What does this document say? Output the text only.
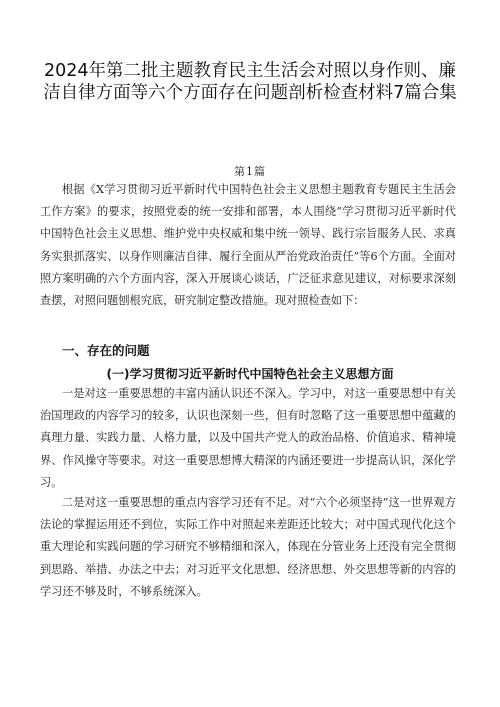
2024年第二批主题教育民主生活会对照以身作则、廉洁自律方面等六个方面存在问题剖析检查材料7篇合集
第1篇

根据《X学习贯彻习近平新时代中国特色社会主义思想主题教育专题民主生活会工作方案》的要求，按照党委的统一安排和部署，本人围绕“学习贯彻习近平新时代中国特色社会主义思想、维护党中央权威和集中统一领导、践行宗旨服务人民、求真务实狠抓落实、以身作则廉洁自律、履行全面从严治党政治责任”等6个方面。全面对照方案明确的六个方面内容，深入开展谈心谈话，广泛征求意见建议，对标要求深刻查摆，对照问题刨根究底，研究制定整改措施。现对照检查如下：

一、存在的问题
(一)学习贯彻习近平新时代中国特色社会主义思想方面

一是对这一重要思想的丰富内涵认识还不深入。学习中，对这一重要思想中有关治国理政的内容学习的较多，认识也深刻一些，但有时忽略了这一重要思想中蕴藏的真理力量、实践力量、人格力量，以及中国共产党人的政治品格、价值追求、精神境界、作风操守等要求。对这一重要思想博大精深的内涵还要进一步提高认识，深化学习。

二是对这一重要思想的重点内容学习还有不足。对“六个必须坚持”这一世界观方法论的掌握运用还不到位，实际工作中对照起来差距还比较大；对中国式现代化这个重大理论和实践问题的学习研究不够精细和深入，体现在分管业务上还没有完全贯彻到思路、举措、办法之中去；对习近平文化思想、经济思想、外交思想等新的内容的学习还不够及时，不够系统深入。
